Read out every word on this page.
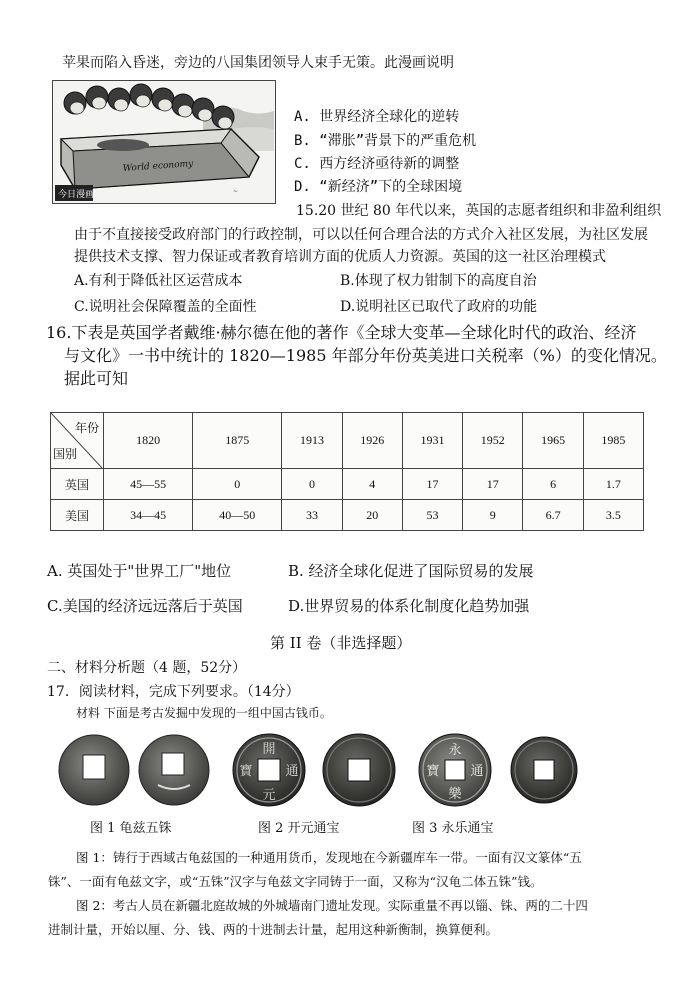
苹果而陷入昏迷，旁边的八国集团领导人束手无策。此漫画说明
World economy
今日漫画	~
A. 世界经济全球化的逆转
B. “滞胀”背景下的严重危机
C. 西方经济亟待新的调整
D. “新经济”下的全球困境
15.20 世纪 80 年代以来，英国的志愿者组织和非盈利组织
由于不直接接受政府部门的行政控制，可以以任何合理合法的方式介入社区发展，为社区发展
提供技术支撑、智力保证或者教育培训方面的优质人力资源。英国的这一社区治理模式
A.有利于降低社区运营成本	B.体现了权力钳制下的高度自治
C.说明社会保障覆盖的全面性	D.说明社区已取代了政府的功能
16.下表是英国学者戴维·赫尔德在他的著作《全球大变革—全球化时代的政治、经济
与文化》一书中统计的 1820—1985 年部分年份英美进口关税率（%）的变化情况。
据此可知
年份
国别	1820	1875	1913	1926	1931	1952	1965	1985
英国	45—55	0	0	4	17	17	6	1.7
美国	34—45	40—50	33	20	53	9	6.7	3.5
A. 英国处于"世界工厂"地位	B. 经济全球化促进了国际贸易的发展
C.美国的经济远远落后于英国	D.世界贸易的体系化制度化趋势加强
第 II 卷（非选择题）
二、材料分析题（4 题，52分）
17．阅读材料，完成下列要求。（14分）
材料 下面是考古发掘中发现的一组中国古钱币。
開
元
通
寶
永
樂
通
寶
图 1 龟兹五铢	图 2 开元通宝	图 3 永乐通宝
图 1：铸行于西域古龟兹国的一种通用货币，发现地在今新疆库车一带。一面有汉文篆体“五
铢”、一面有龟兹文字，或“五铢”汉字与龟兹文字同铸于一面，又称为“汉龟二体五铢”钱。
图 2：考古人员在新疆北庭故城的外城墙南门遗址发现。实际重量不再以锱、铢、两的二十四
进制计量，开始以厘、分、钱、两的十进制去计量，起用这种新衡制，换算便利。
